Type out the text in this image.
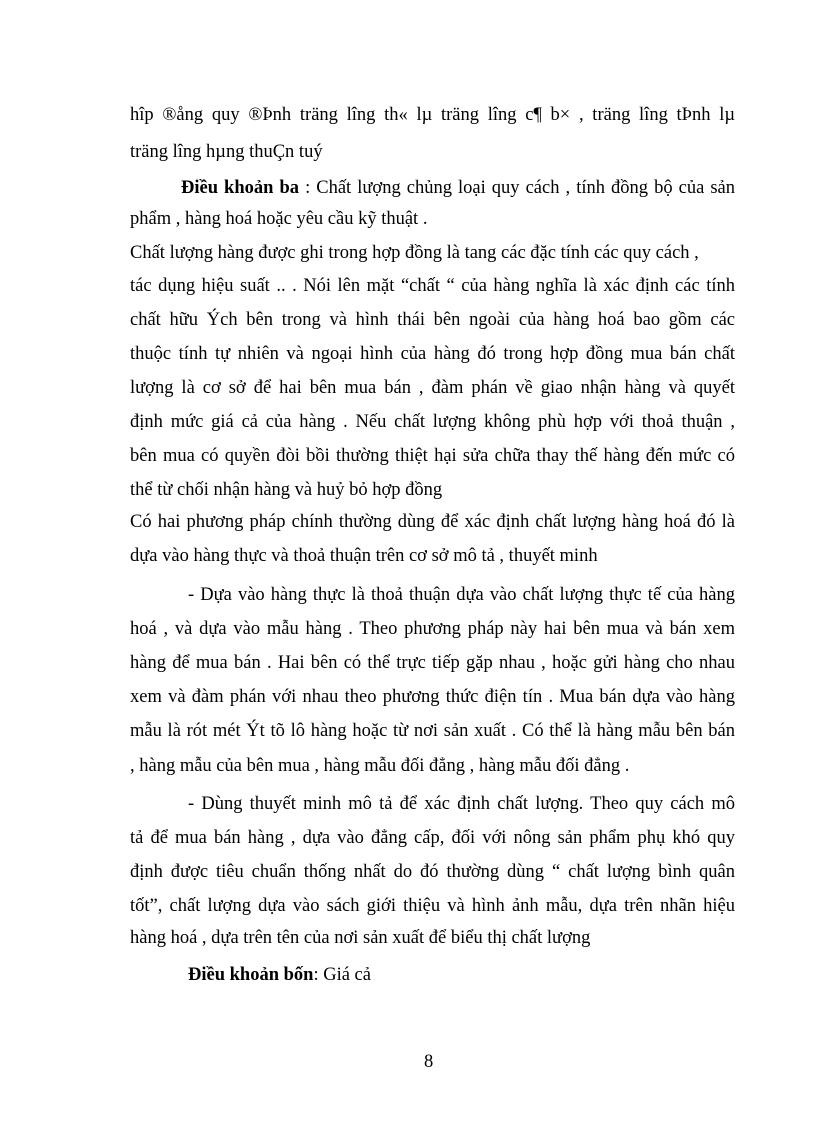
hîp ®ång quy ®Þnh träng lîng th« lµ träng lîng c¶ b× , träng lîng tÞnh lµ
träng lîng hµng thuÇn tuý
Điều khoản ba : Chất lượng chủng loại quy cách , tính đồng bộ của sản
phẩm , hàng hoá hoặc yêu cầu kỹ thuật .
Chất lượng hàng được ghi trong hợp đồng là tang các đặc tính các quy cách ,
tác dụng hiệu suất .. . Nói lên mặt “chất “ của hàng nghĩa là xác định các tính
chất hữu Ých bên trong và hình thái bên ngoài của hàng hoá bao gồm các
thuộc tính tự nhiên và ngoại hình của hàng đó trong hợp đồng mua bán chất
lượng là cơ sở để hai bên mua bán , đàm phán về giao nhận hàng và quyết
định mức giá cả của hàng . Nếu chất lượng không phù hợp với thoả thuận ,
bên mua có quyền đòi bồi thường thiệt hại sửa chữa thay thế hàng đến mức có
thể từ chối nhận hàng và huỷ bỏ hợp đồng
Có hai phương pháp chính thường dùng để xác định chất lượng hàng hoá đó là
dựa vào hàng thực và thoả thuận trên cơ sở mô tả , thuyết minh
- Dựa vào hàng thực là thoả thuận dựa vào chất lượng thực tế của hàng
hoá , và dựa vào mẫu hàng . Theo phương pháp này hai bên mua và bán xem
hàng để mua bán . Hai bên có thể trực tiếp gặp nhau , hoặc gửi hàng cho nhau
xem và đàm phán với nhau theo phương thức điện tín . Mua bán dựa vào hàng
mẫu là rót mét Ýt tõ lô hàng hoặc từ nơi sản xuất . Có thể là hàng mẫu bên bán
, hàng mẫu của bên mua , hàng mẫu đối đẳng , hàng mẫu đối đẳng .
- Dùng thuyết minh mô tả để xác định chất lượng. Theo quy cách mô
tả để mua bán hàng , dựa vào đẳng cấp, đối với nông sản phẩm phụ khó quy
định được tiêu chuẩn thống nhất do đó thường dùng “ chất lượng bình quân
tốt”, chất lượng dựa vào sách giới thiệu và hình ảnh mẫu, dựa trên nhãn hiệu
hàng hoá , dựa trên tên của nơi sản xuất để biểu thị chất lượng
Điều khoản bốn: Giá cả
8
